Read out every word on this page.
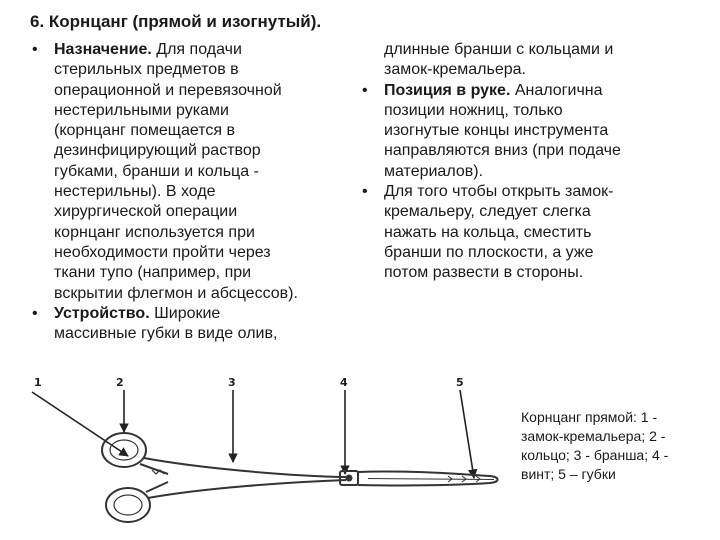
6. Корнцанг (прямой и изогнутый).
• Назначение. Для подачи
стерильных предметов в
операционной и перевязочной
нестерильными руками
(корнцанг помещается в
дезинфицирующий раствор
губками, бранши и кольца -
нестерильны). В ходе
хирургической операции
корнцанг используется при
необходимости пройти через
ткани тупо (например, при
вскрытии флегмон и абсцессов).
• Устройство. Широкие
массивные губки в виде олив,
длинные бранши с кольцами и
замок-кремальера.
• Позиция в руке. Аналогична
позиции ножниц, только
изогнутые концы инструмента
направляются вниз (при подаче
материалов).
• Для того чтобы открыть замок-
кремальеру, следует слегка
нажать на кольца, сместить
бранши по плоскости, а уже
потом развести в стороны.
1	2	3	4	5
Корнцанг прямой: 1 -
замок-кремальера; 2 -
кольцо; 3 - бранша; 4 -
винт; 5 – губки
